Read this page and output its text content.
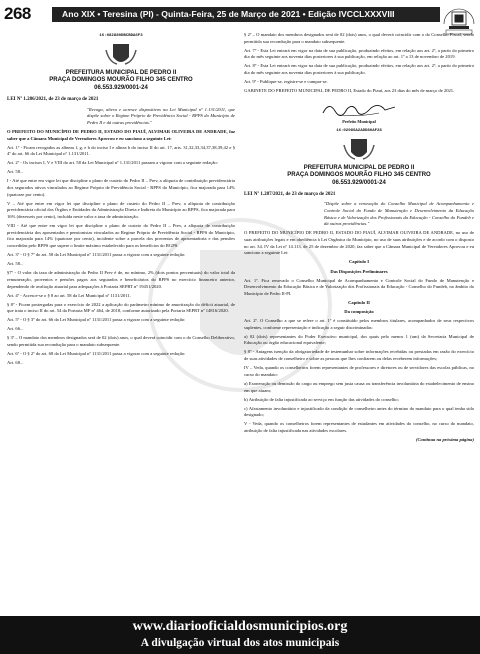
268	Ano XIX • Teresina (PI) - Quinta-Feira, 25 de Março de 2021 • Edição IVCCLXXXVIII
16:082880DBCBDA6F3
PREFEITURA MUNICIPAL DE PEDRO II
PRAÇA DOMINGOS MOURÃO FILHO 345 CENTRO
06.553.929/0001-24
LEI Nº 1.286/2021, de 23 de março de 2021

"Revoga, altera e acresce dispositivos na Lei Municipal nº 1.131/2011, que dispõe sobre o Regime Próprio de Previdência Social - RPPS do Município de Pedro II e dá outras providências."

O PREFEITO DO MUNICÍPIO DE PEDRO II, ESTADO DO PIAUÍ, ALVIMAR OLIVEIRA DE ANDRADE, faz saber que a Câmara Municipal de Vereadores Aprovou e eu sanciono a seguinte Lei:

Art. 1º - Ficam revogados as alíneas f, g, e h do inciso I e alínea b do inciso II do art. 17, arts. 31,32,33,34,37,38,39,42 e § 4º do art. 66 da Lei Municipal nº 1.131/2011.

Art. 2º - Os incisos I, V e VIII do art. 58 da Lei Municipal nº 1.131/2011 passam a vigorar com a seguinte redação:

Art. 58...

I - Até que entre em vigor lei que discipline o plano de custeio do Pedro II – Prev, a alíquota de contribuição previdenciária dos segurados ativos vinculados ao Regime Próprio de Previdência Social - RPPS do Município, fica majorada para 14% (quatorze por cento).

V – Até que entre em vigor lei que discipline o plano de custeio do Pedro II – Prev, a alíquota de contribuição previdenciária oficial dos Órgãos e Entidades da Administração Direta e Indireta do Município ao RPPS, fica majorada para 16% (dezesseis por cento), incluída neste valor a taxa de administração.

VIII - Até que entre em vigor lei que discipline o plano de custeio do Pedro II – Prev, a alíquota de contribuição previdenciária dos aposentados e pensionistas vinculados ao Regime Próprio de Previdência Social - RPPS do Município, fica majorada para 14% (quatorze por cento), incidente sobre a parcela dos proventos de aposentadoria e das pensões concedidas pelo RPPS que supere o limite máximo estabelecido para os benefícios do RGPS.

Art. 3º - O § 7º do art. 58 da Lei Municipal nº 1131/2011 passa a vigorar com a seguinte redação:

Art. 58...

§7º - O valor da taxa de administração do Pedro II Prev é de, no mínimo, 2% (dois pontos percentuais) do valor total da remuneração, proventos e pensões pagos aos segurados e beneficiários do RPPS no exercício financeiro anterior, dependendo de avaliação atuarial para adequações à Portaria SEPRT nº 19451/2020.

Art. 4º - Acresce-se o § 8 ao art. 58 da Lei Municipal nº 1131/2011.

§ 8º - Ficam postergadas para o exercício de 2022 a aplicação do parâmetro mínimo de amortização do déficit atuarial, de que trata o inciso II do art. 54 da Portaria MF nº 464, de 2018, conforme autorizado pela Portaria SEPRT nº 14816/2020.

Art. 5º - O § 3º do art. 66 da Lei Municipal nº 1131/2011 passa a vigorar com a seguinte redação:

Art. 66...

§ 3º – O mandato dos membros designados será de 02 (dois) anos, o qual deverá coincidir com o do Conselho Deliberativo, sendo permitida sua recondução para o mandato subsequente.

Art. 6º - O § 2º do art. 68 da Lei Municipal nº 1131/2011 passa a vigorar com a seguinte redação:

Art. 68...

§ 2º – O mandato dos membros designados será de 02 (dois) anos, o qual deverá coincidir com o do Conselho Fiscal, sendo permitida sua recondução para o mandato subsequente.

Art. 7º - Esta Lei entrará em vigor na data de sua publicação, produzindo efeitos, em relação aos art. 2º, a partir do primeiro dia do mês seguinte aos noventa dias posteriores à sua publicação, em relação ao art. 1º a 13 de novembro de 2019.

Art. 8º - Esta Lei entrará em vigor na data de sua publicação, produzindo efeitos, em relação aos art. 2º, a partir do primeiro dia do mês seguinte aos noventa dias posteriores à sua publicação.

Art. 9º - Publique-se, registre-se e cumpra-se.

GABINETE DO PREFEITO MUNICIPAL DE PEDRO II, Estado do Piauí, aos 23 dias do mês de março de 2021.

Prefeito Municipal
16:0208SA2ADD80AF28
PREFEITURA MUNICIPAL DE PEDRO II
PRAÇA DOMINGOS MOURÃO FILHO 345 CENTRO
06.553.929/0001-24
LEI Nº 1.287/2021, de 23 de março de 2021

"Dispõe sobre a renovação do Conselho Municipal de Acompanhamento e Controle Social do Fundo de Manutenção e Desenvolvimento da Educação Básica e de Valorização dos Profissionais da Educação - Conselho do Fundeb e dá outras providências."

O PREFEITO DO MUNICÍPIO DE PEDRO II, ESTADO DO PIAUÍ, ALVIMAR OLIVEIRA DE ANDRADE, no uso de suas atribuições legais e em obediência à Lei Orgânica do Município, no uso de suas atribuições e de acordo com o disposto no art. 34, IV da Lei nº 14.113, de 25 de dezembro de 2020, faz saber que a Câmara Municipal de Vereadores Aprovou e eu sanciono a seguinte Lei:

Capítulo I

Das Disposições Preliminares

Art. 1º. Fica renovado o Conselho Municipal de Acompanhamento e Controle Social do Fundo de Manutenção e Desenvolvimento da Educação Básica e de Valorização dos Profissionais da Educação - Conselho do Fundeb, no âmbito do Município de Pedro II-PI.

Capítulo II

Da composição

Art. 2º. O Conselho a que se refere o art. 1º é constituído pelos membros titulares, acompanhados de seus respectivos suplentes, conforme representação e indicação a seguir discriminadas:

a) 02 (dois) representantes do Poder Executivo municipal, dos quais pelo menos 1 (um) da Secretaria Municipal de Educação ou órgão educacional equivalente;

§ 8º - Antagens isenção da obrigatoriedade de testemunhar sobre informações recebidas ou prestadas em razão do exercício de suas atividades de conselheiro e sobre as pessoas que lhes confiarem ou delas receberem informações;

IV – Veda, quando os conselheiros forem representantes de professores e diretores ou de servidores das escolas públicas, no curso do mandato:

a) Exoneração ou demissão do cargo ou emprego sem justa causa ou transferência involuntária do estabelecimento de ensino em que atuam;

b) Atribuição de falta injustificada ao serviço em função das atividades do conselho;

c) Afastamento involuntário e injustificado da condição de conselheiro antes do término do mandato para o qual tenha sido designado;

V - Veda, quando os conselheiros forem representantes de estudantes em atividades do conselho, no curso do mandato, atribuição de falta injustificada nas atividades escolares.

(Continua na próxima página)

www.diariooficialdosmunicipios.org
A divulgação virtual dos atos municipais
